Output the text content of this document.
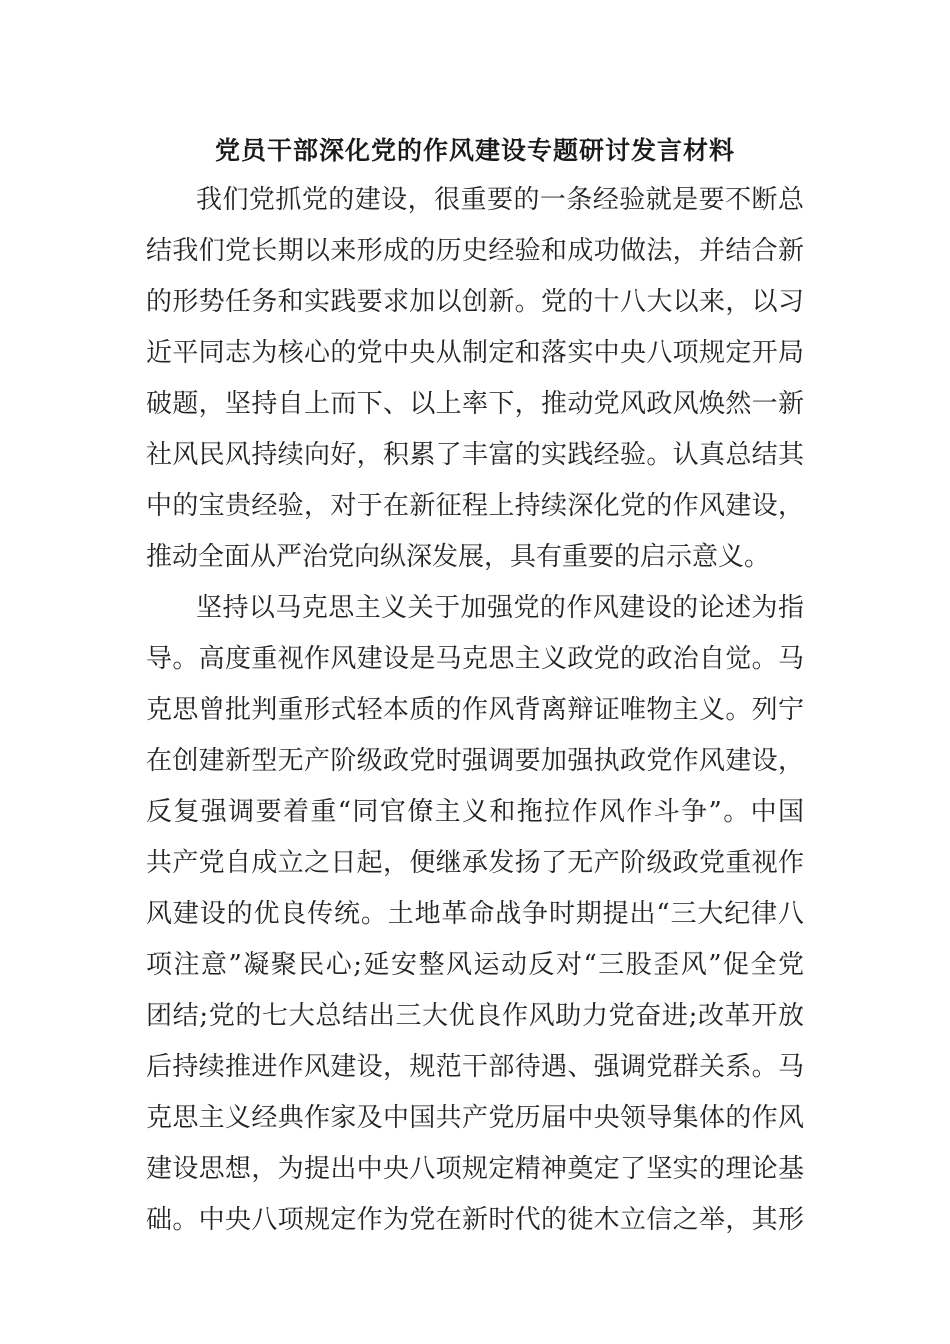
党员干部深化党的作风建设专题研讨发言材料
我们党抓党的建设，很重要的一条经验就是要不断总
结我们党长期以来形成的历史经验和成功做法，并结合新
的形势任务和实践要求加以创新。党的十八大以来，以习
近平同志为核心的党中央从制定和落实中央八项规定开局
破题，坚持自上而下、以上率下，推动党风政风焕然一新
社风民风持续向好，积累了丰富的实践经验。认真总结其
中的宝贵经验，对于在新征程上持续深化党的作风建设，
推动全面从严治党向纵深发展，具有重要的启示意义。
坚持以马克思主义关于加强党的作风建设的论述为指
导。高度重视作风建设是马克思主义政党的政治自觉。马
克思曾批判重形式轻本质的作风背离辩证唯物主义。列宁
在创建新型无产阶级政党时强调要加强执政党作风建设，
反复强调要着重“同官僚主义和拖拉作风作斗争”。中国
共产党自成立之日起，便继承发扬了无产阶级政党重视作
风建设的优良传统。土地革命战争时期提出“三大纪律八
项注意”凝聚民心;延安整风运动反对“三股歪风”促全党
团结;党的七大总结出三大优良作风助力党奋进;改革开放
后持续推进作风建设，规范干部待遇、强调党群关系。马
克思主义经典作家及中国共产党历届中央领导集体的作风
建设思想，为提出中央八项规定精神奠定了坚实的理论基
础。中央八项规定作为党在新时代的徙木立信之举，其形
